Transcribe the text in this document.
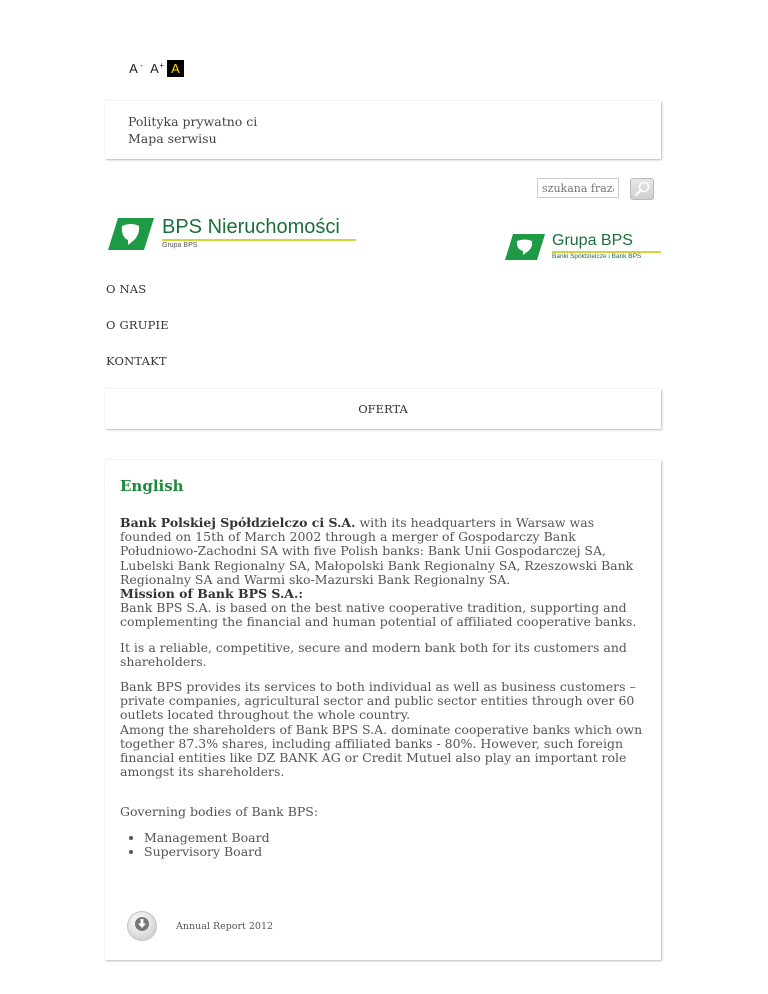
A - A + A
Polityka prywatno ci
Mapa serwisu
szukana fraza...
BPS Nieruchomości
Grupa BPS	Grupa BPS
Banki Spółdzielcze i Bank BPS
O NAS
O GRUPIE
KONTAKT
OFERTA
English

Bank Polskiej Spółdzielczo ci S.A. with its headquarters in Warsaw was founded on 15th of March 2002 through a merger of Gospodarczy Bank Południowo-Zachodni SA with five Polish banks: Bank Unii Gospodarczej SA, Lubelski Bank Regionalny SA, Małopolski Bank Regionalny SA, Rzeszowski Bank Regionalny SA and Warmi sko-Mazurski Bank Regionalny SA.
Mission of Bank BPS S.A.:
Bank BPS S.A. is based on the best native cooperative tradition, supporting and complementing the financial and human potential of affiliated cooperative banks.

It is a reliable, competitive, secure and modern bank both for its customers and shareholders.

Bank BPS provides its services to both individual as well as business customers – private companies, agricultural sector and public sector entities through over 60 outlets located throughout the whole country.
Among the shareholders of Bank BPS S.A. dominate cooperative banks which own together 87.3% shares, including affiliated banks - 80%. However, such foreign financial entities like DZ BANK AG or Credit Mutuel also play an important role amongst its shareholders.

Governing bodies of Bank BPS:

• Management Board
• Supervisory Board
Annual Report 2012
